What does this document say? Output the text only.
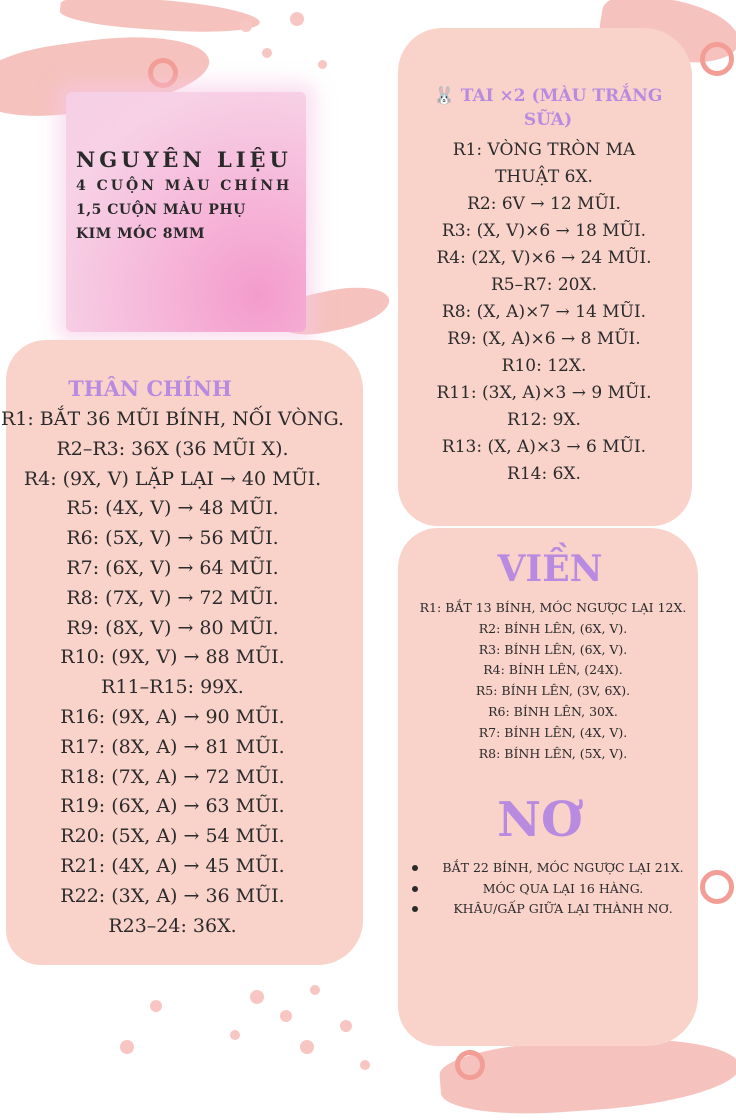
NGUYÊN LIỆU
4 CUỘN MÀU CHÍNH
1,5 CUỘN MÀU PHỤ
KIM MÓC 8MM
THÂN CHÍNH
R1: BẮT 36 MŨI BÍNH, NỐI VÒNG.
R2–R3: 36X (36 MŨI X).
R4: (9X, V) LẶP LẠI → 40 MŨI.
R5: (4X, V) → 48 MŨI.
R6: (5X, V) → 56 MŨI.
R7: (6X, V) → 64 MŨI.
R8: (7X, V) → 72 MŨI.
R9: (8X, V) → 80 MŨI.
R10: (9X, V) → 88 MŨI.
R11–R15: 99X.
R16: (9X, A) → 90 MŨI.
R17: (8X, A) → 81 MŨI.
R18: (7X, A) → 72 MŨI.
R19: (6X, A) → 63 MŨI.
R20: (5X, A) → 54 MŨI.
R21: (4X, A) → 45 MŨI.
R22: (3X, A) → 36 MŨI.
R23–24: 36X.
🐰 TAI ×2 (MÀU TRẮNG
SỮA)
R1: VÒNG TRÒN MA
THUẬT 6X.
R2: 6V → 12 MŨI.
R3: (X, V)×6 → 18 MŨI.
R4: (2X, V)×6 → 24 MŨI.
R5–R7: 20X.
R8: (X, A)×7 → 14 MŨI.
R9: (X, A)×6 → 8 MŨI.
R10: 12X.
R11: (3X, A)×3 → 9 MŨI.
R12: 9X.
R13: (X, A)×3 → 6 MŨI.
R14: 6X.
VIỀN
R1: BẮT 13 BÍNH, MÓC NGƯỢC LẠI 12X.
R2: BÍNH LÊN, (6X, V).
R3: BÍNH LÊN, (6X, V).
R4: BÍNH LÊN, (24X).
R5: BÍNH LÊN, (3V, 6X).
R6: BÍNH LÊN, 30X.
R7: BÍNH LÊN, (4X, V).
R8: BÍNH LÊN, (5X, V).
NƠ
BẮT 22 BÍNH, MÓC NGƯỢC LẠI 21X.
MÓC QUA LẠI 16 HÀNG.
KHÂU/GẤP GIỮA LẠI THÀNH NƠ.
